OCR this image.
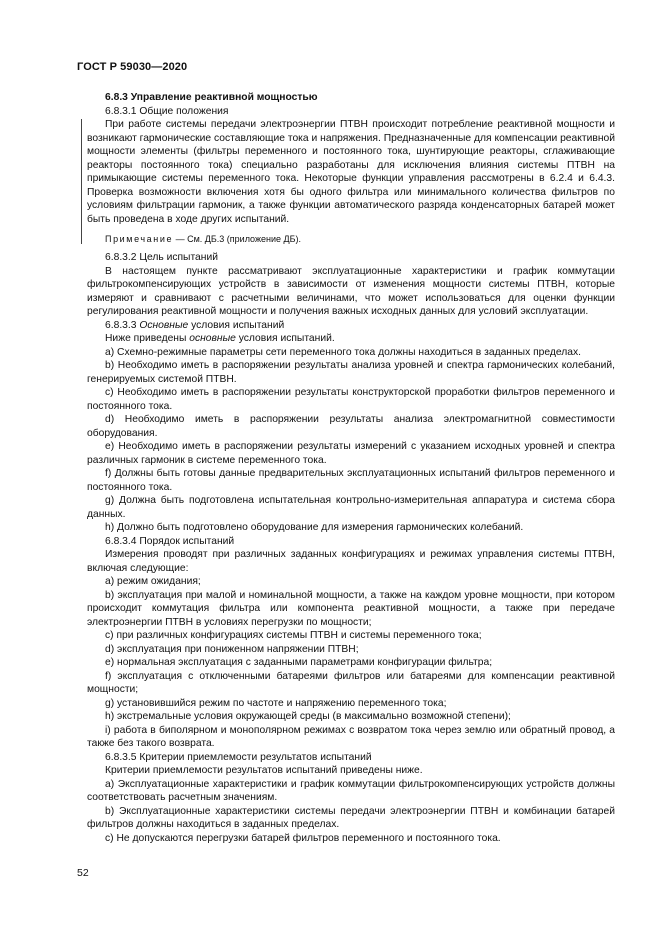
ГОСТ Р 59030—2020

6.8.3 Управление реактивной мощностью

6.8.3.1 Общие положения

При работе системы передачи электроэнергии ПТВН происходит потребление реактивной мощности и возникают гармонические составляющие тока и напряжения. Предназначенные для компенсации реактивной мощности элементы (фильтры переменного и постоянного тока, шунтирующие реакторы, сглаживающие реакторы постоянного тока) специально разработаны для исключения влияния системы ПТВН на примыкающие системы переменного тока. Некоторые функции управления рассмотрены в 6.2.4 и 6.4.3. Проверка возможности включения хотя бы одного фильтра или минимального количества фильтров по условиям фильтрации гармоник, а также функции автоматического разряда конденсаторных батарей может быть проведена в ходе других испытаний.

Примечание — См. ДБ.3 (приложение ДБ).

6.8.3.2 Цель испытаний

В настоящем пункте рассматривают эксплуатационные характеристики и график коммутации фильтрокомпенсирующих устройств в зависимости от изменения мощности системы ПТВН, которые измеряют и сравнивают с расчетными величинами, что может использоваться для оценки функции регулирования реактивной мощности и получения важных исходных данных для условий эксплуатации.

6.8.3.3 Основные условия испытаний

Ниже приведены основные условия испытаний.

a) Схемно-режимные параметры сети переменного тока должны находиться в заданных пределах.

b) Необходимо иметь в распоряжении результаты анализа уровней и спектра гармонических колебаний, генерируемых системой ПТВН.

c) Необходимо иметь в распоряжении результаты конструкторской проработки фильтров переменного и постоянного тока.

d) Необходимо иметь в распоряжении результаты анализа электромагнитной совместимости оборудования.

e) Необходимо иметь в распоряжении результаты измерений с указанием исходных уровней и спектра различных гармоник в системе переменного тока.

f) Должны быть готовы данные предварительных эксплуатационных испытаний фильтров переменного и постоянного тока.

g) Должна быть подготовлена испытательная контрольно-измерительная аппаратура и система сбора данных.

h) Должно быть подготовлено оборудование для измерения гармонических колебаний.

6.8.3.4 Порядок испытаний

Измерения проводят при различных заданных конфигурациях и режимах управления системы ПТВН, включая следующие:

a) режим ожидания;

b) эксплуатация при малой и номинальной мощности, а также на каждом уровне мощности, при котором происходит коммутация фильтра или компонента реактивной мощности, а также при передаче электроэнергии ПТВН в условиях перегрузки по мощности;

c) при различных конфигурациях системы ПТВН и системы переменного тока;

d) эксплуатация при пониженном напряжении ПТВН;

e) нормальная эксплуатация с заданными параметрами конфигурации фильтра;

f) эксплуатация с отключенными батареями фильтров или батареями для компенсации реактивной мощности;

g) установившийся режим по частоте и напряжению переменного тока;

h) экстремальные условия окружающей среды (в максимально возможной степени);

i) работа в биполярном и монополярном режимах с возвратом тока через землю или обратный провод, а также без такого возврата.

6.8.3.5 Критерии приемлемости результатов испытаний

Критерии приемлемости результатов испытаний приведены ниже.

a) Эксплуатационные характеристики и график коммутации фильтрокомпенсирующих устройств должны соответствовать расчетным значениям.

b) Эксплуатационные характеристики системы передачи электроэнергии ПТВН и комбинации батарей фильтров должны находиться в заданных пределах.

c) Не допускаются перегрузки батарей фильтров переменного и постоянного тока.

52
